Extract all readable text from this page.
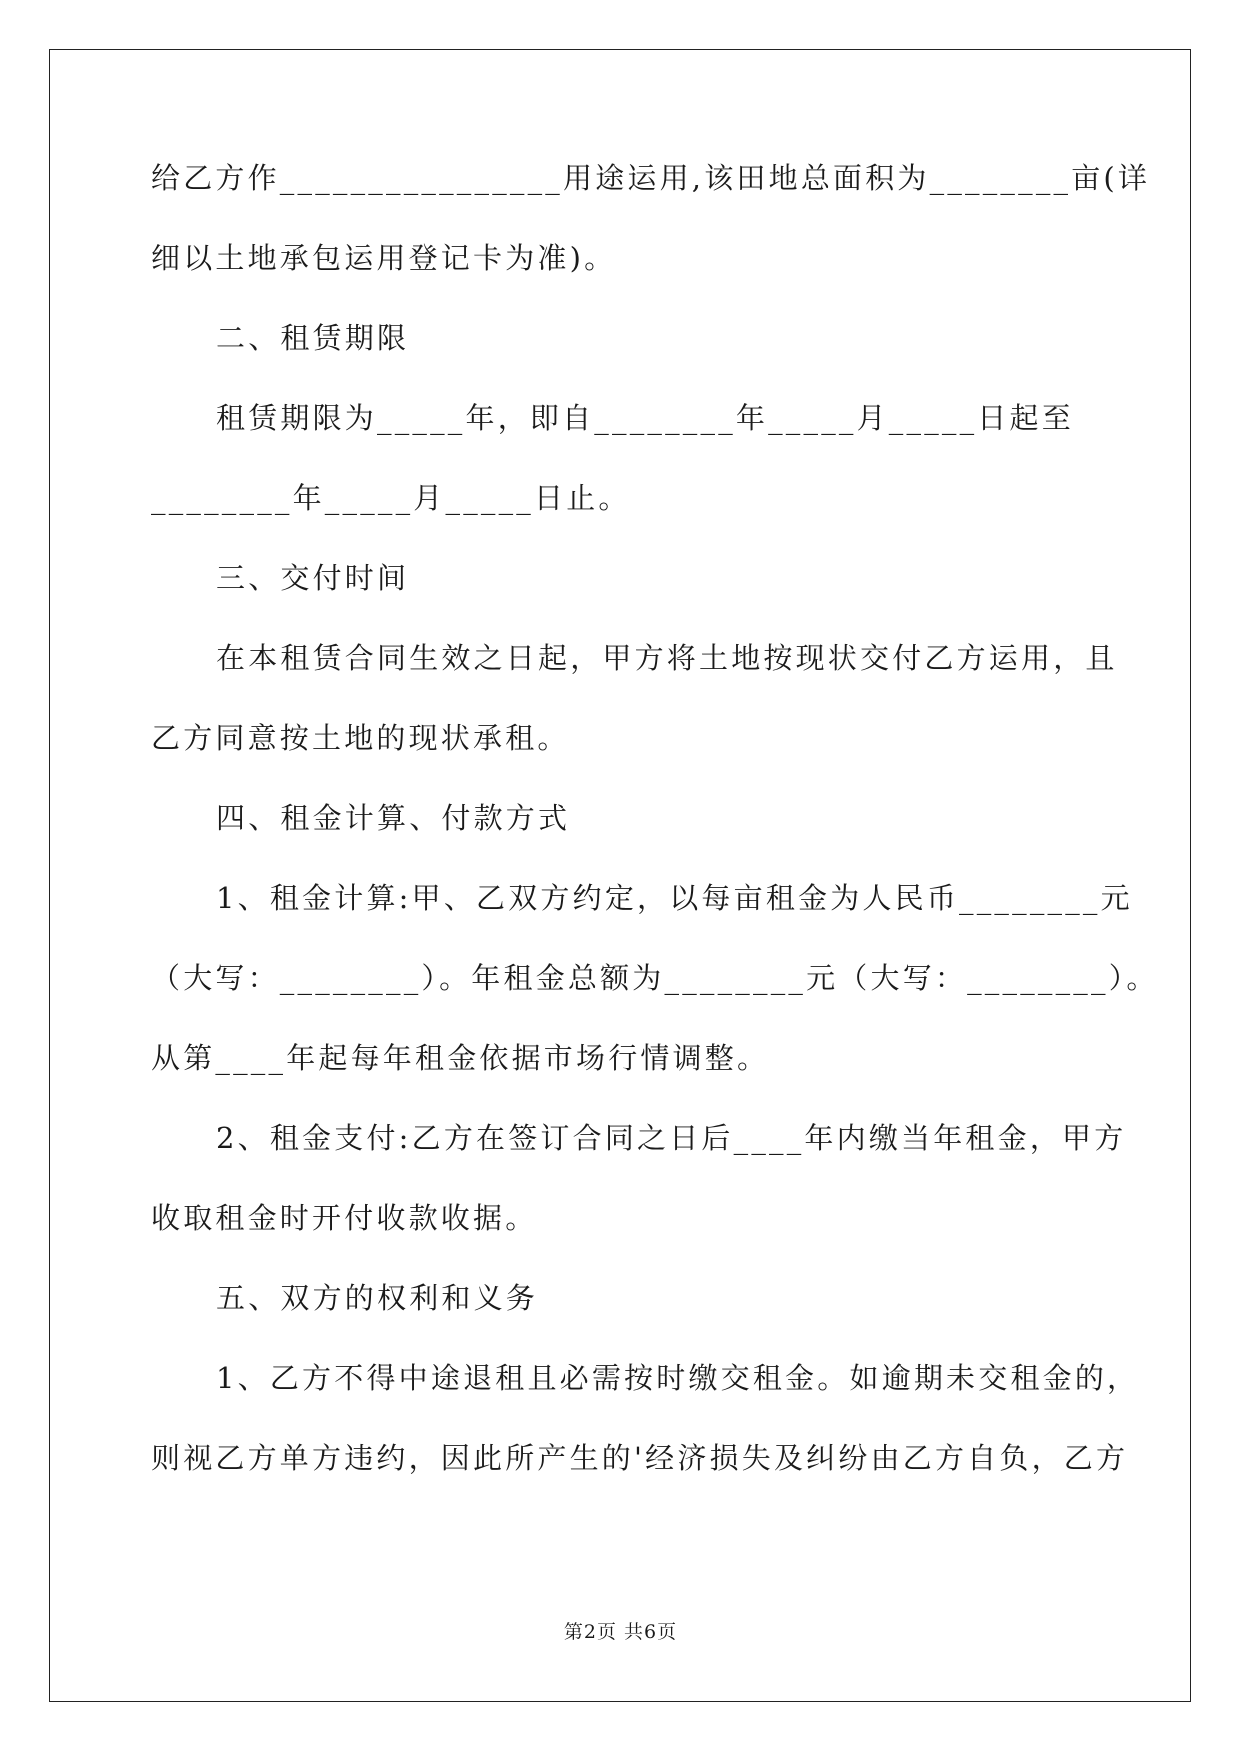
给乙方作________________用途运用,该田地总面积为________亩(详
细以土地承包运用登记卡为准)。
二、租赁期限
租赁期限为_____年，即自________年_____月_____日起至
________年_____月_____日止。
三、交付时间
在本租赁合同生效之日起，甲方将土地按现状交付乙方运用，且
乙方同意按土地的现状承租。
四、租金计算、付款方式
1、租金计算:甲、乙双方约定，以每亩租金为人民币________元
（大写：________）。年租金总额为________元（大写：________）。
从第____年起每年租金依据市场行情调整。
2、租金支付:乙方在签订合同之日后____年内缴当年租金，甲方
收取租金时开付收款收据。
五、双方的权利和义务
1、乙方不得中途退租且必需按时缴交租金。如逾期未交租金的，
则视乙方单方违约，因此所产生的'经济损失及纠纷由乙方自负，乙方
第2页 共6页
